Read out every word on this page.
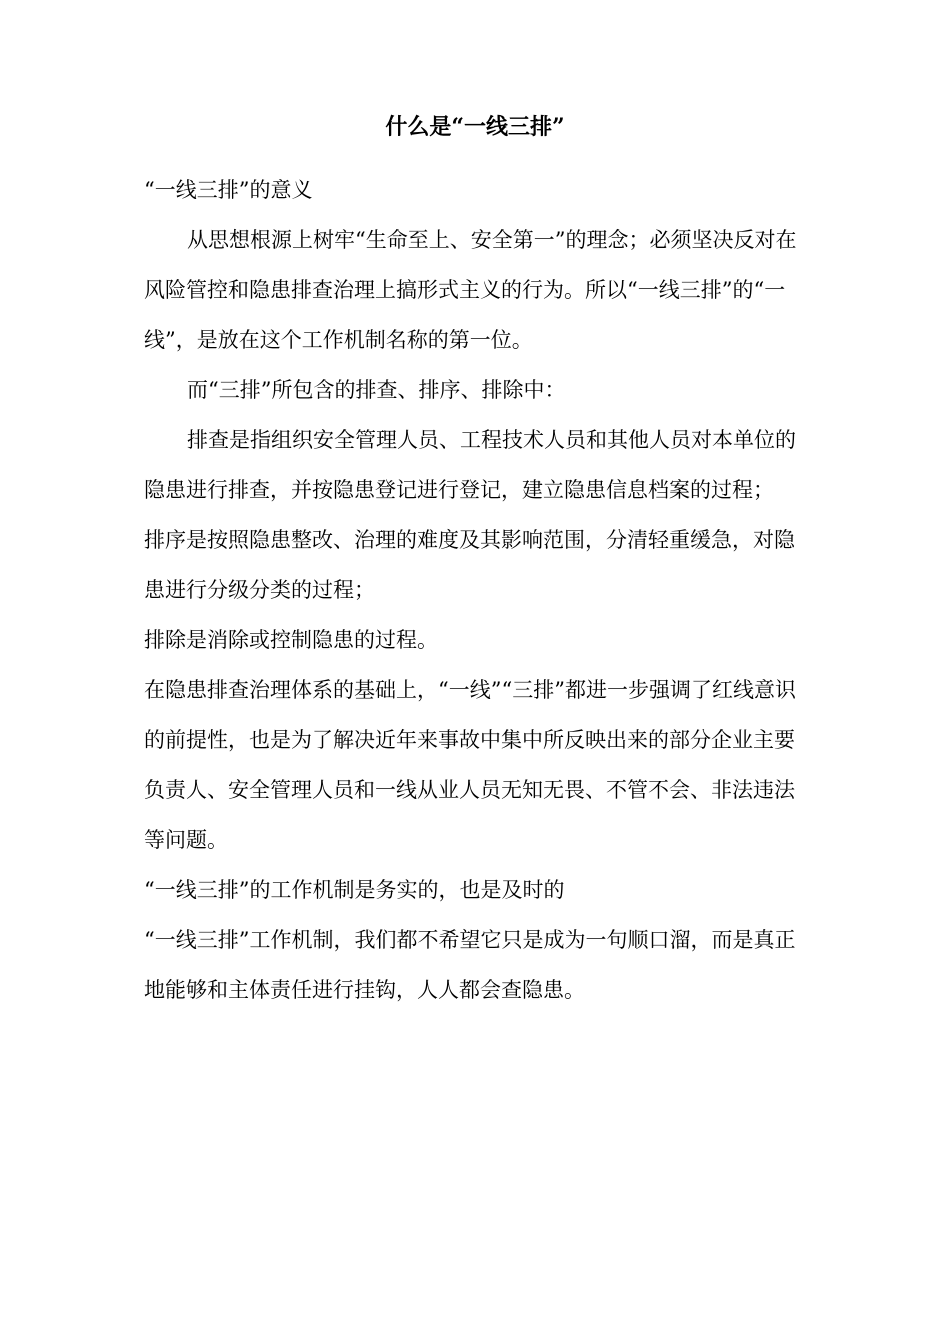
什么是“一线三排”

“一线三排”的意义

从思想根源上树牢“生命至上、安全第一”的理念；必须坚决反对在风险管控和隐患排查治理上搞形式主义的行为。所以“一线三排”的“一线”，是放在这个工作机制名称的第一位。

而“三排”所包含的排查、排序、排除中：

排查是指组织安全管理人员、工程技术人员和其他人员对本单位的隐患进行排查，并按隐患登记进行登记，建立隐患信息档案的过程；

排序是按照隐患整改、治理的难度及其影响范围，分清轻重缓急，对隐患进行分级分类的过程；

排除是消除或控制隐患的过程。

在隐患排查治理体系的基础上，“一线”“三排”都进一步强调了红线意识的前提性，也是为了解决近年来事故中集中所反映出来的部分企业主要负责人、安全管理人员和一线从业人员无知无畏、不管不会、非法违法等问题。

“一线三排”的工作机制是务实的，也是及时的

“一线三排”工作机制，我们都不希望它只是成为一句顺口溜，而是真正地能够和主体责任进行挂钩，人人都会查隐患。
